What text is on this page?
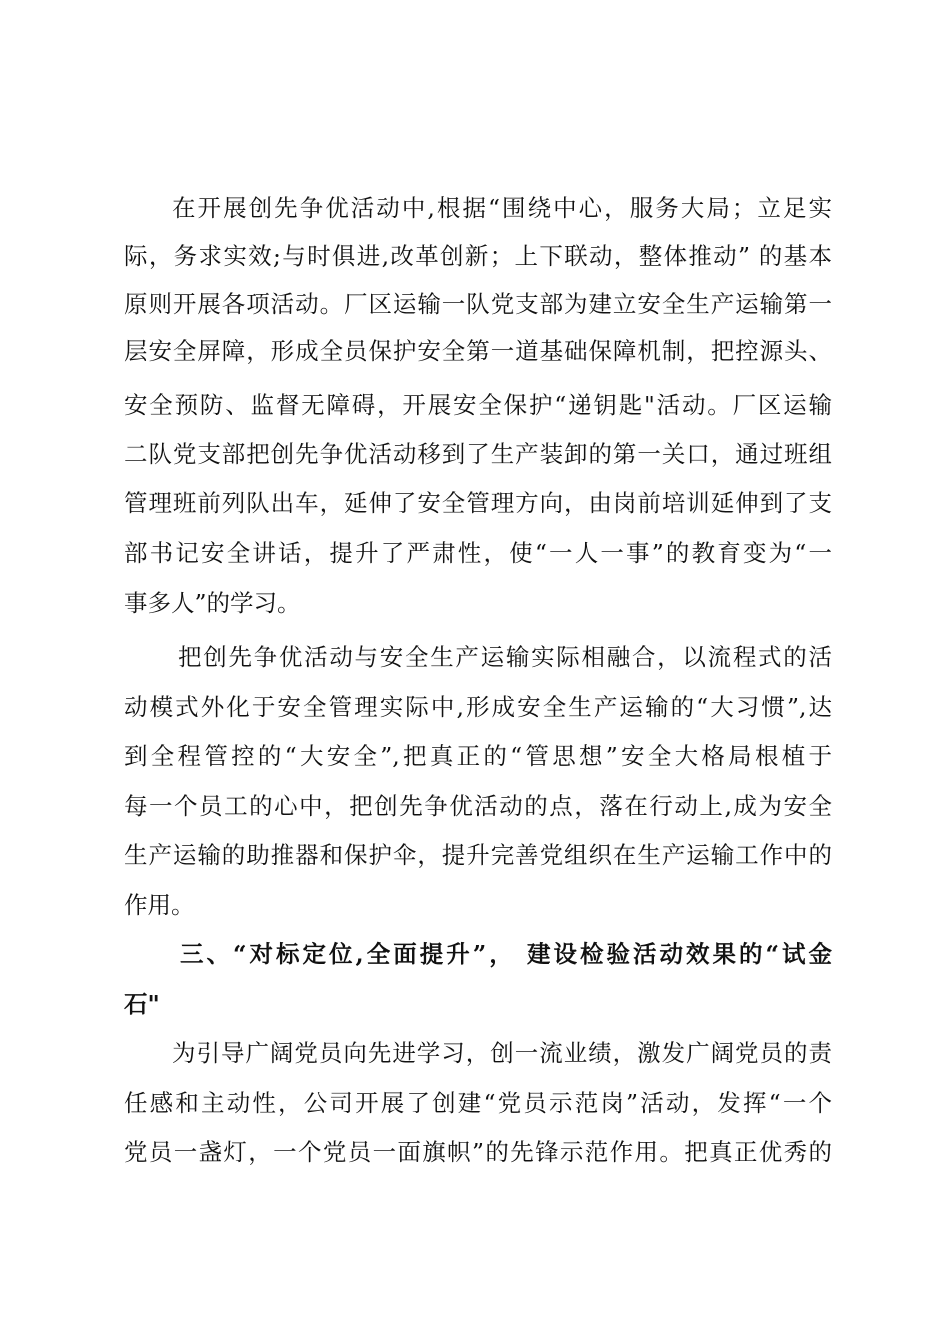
在开展创先争优活动中,根据“围绕中心，服务大局；立足实
际，务求实效;与时俱进,改革创新；上下联动，整体推动” 的基本
原则开展各项活动。厂区运输一队党支部为建立安全生产运输第一
层安全屏障，形成全员保护安全第一道基础保障机制，把控源头、
安全预防、监督无障碍，开展安全保护“递钥匙"活动。厂区运输
二队党支部把创先争优活动移到了生产装卸的第一关口，通过班组
管理班前列队出车，延伸了安全管理方向，由岗前培训延伸到了支
部书记安全讲话，提升了严肃性，使“一人一事”的教育变为“一
事多人”的学习。
把创先争优活动与安全生产运输实际相融合，以流程式的活
动模式外化于安全管理实际中,形成安全生产运输的“大习惯”,达
到全程管控的“大安全”,把真正的“管思想”安全大格局根植于
每一个员工的心中，把创先争优活动的点，落在行动上,成为安全
生产运输的助推器和保护伞，提升完善党组织在生产运输工作中的
作用。
三、“对标定位,全面提升”， 建设检验活动效果的“试金
石"
为引导广阔党员向先进学习，创一流业绩，激发广阔党员的责
任感和主动性，公司开展了创建“党员示范岗”活动，发挥“一个
党员一盏灯，一个党员一面旗帜”的先锋示范作用。把真正优秀的
